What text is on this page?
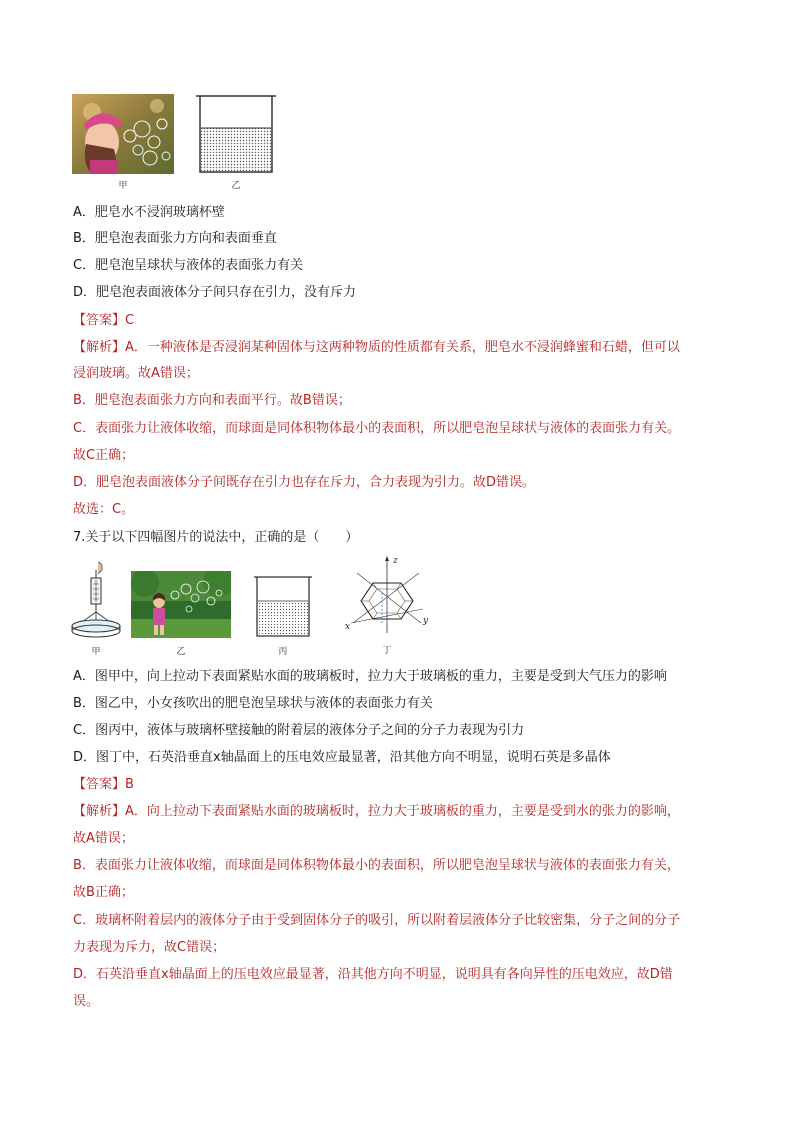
甲	乙
A．肥皂水不浸润玻璃杯壁
B．肥皂泡表面张力方向和表面垂直
C．肥皂泡呈球状与液体的表面张力有关
D．肥皂泡表面液体分子间只存在引力，没有斥力
【答案】C
【解析】A．一种液体是否浸润某种固体与这两种物质的性质都有关系，肥皂水不浸润蜂蜜和石蜡，但可以
浸润玻璃。故A错误；
B．肥皂泡表面张力方向和表面平行。故B错误；
C．表面张力让液体收缩，而球面是同体积物体最小的表面积，所以肥皂泡呈球状与液体的表面张力有关。
故C正确；
D．肥皂泡表面液体分子间既存在引力也存在斥力，合力表现为引力。故D错误。
故选：C。
7.关于以下四幅图片的说法中，正确的是（　　）
甲	乙	丙
z
x
y
丁
A．图甲中，向上拉动下表面紧贴水面的玻璃板时，拉力大于玻璃板的重力，主要是受到大气压力的影响
B．图乙中，小女孩吹出的肥皂泡呈球状与液体的表面张力有关
C．图丙中，液体与玻璃杯壁接触的附着层的液体分子之间的分子力表现为引力
D．图丁中，石英沿垂直x轴晶面上的压电效应最显著，沿其他方向不明显，说明石英是多晶体
【答案】B
【解析】A．向上拉动下表面紧贴水面的玻璃板时，拉力大于玻璃板的重力，主要是受到水的张力的影响，
故A错误；
B．表面张力让液体收缩，而球面是同体积物体最小的表面积，所以肥皂泡呈球状与液体的表面张力有关，
故B正确；
C．玻璃杯附着层内的液体分子由于受到固体分子的吸引，所以附着层液体分子比较密集，分子之间的分子
力表现为斥力，故C错误；
D．石英沿垂直x轴晶面上的压电效应最显著，沿其他方向不明显，说明具有各向异性的压电效应，故D错
误。
